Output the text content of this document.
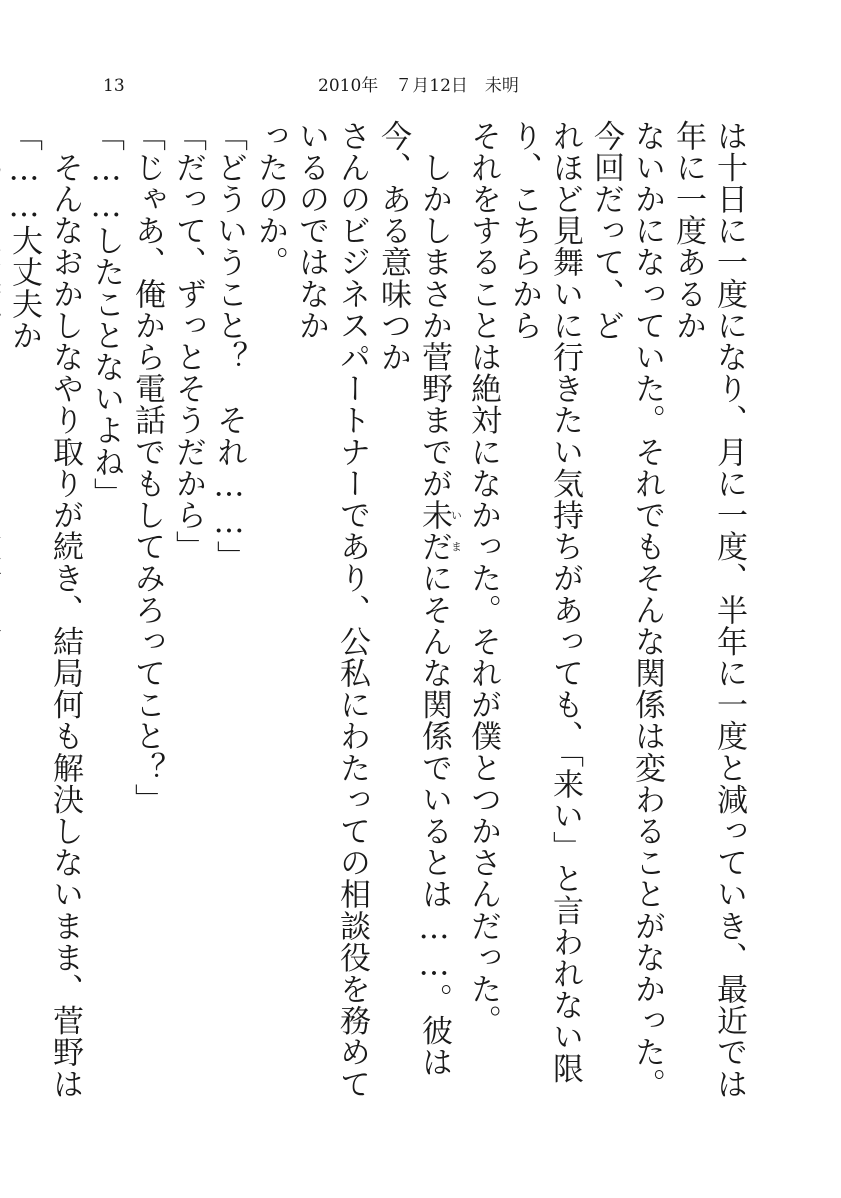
13	2010年　７月12日　未明

は十日に一度になり、月に一度、半年に一度と減っていき、最近では年に一度あるか

ないかになっていた。それでもそんな関係は変わることがなかった。今回だって、ど

れほど見舞いに行きたい気持ちがあっても、「来い」と言われない限り、こちらから

それをすることは絶対になかった。それが僕とつかさんだった。

　しかしまさか菅野までが未だいまにそんな関係でいるとは……。彼は今、ある意味つか

さんのビジネスパートナーであり、公私にわたっての相談役を務めているのではなか

ったのか。

「どういうこと？　それ……」

「だって、ずっとそうだから」

「じゃあ、俺から電話でもしてみろってこと？」

「……したことないよね」

　そんなおかしなやり取りが続き、結局何も解決しないまま、菅野は「……大丈夫か
